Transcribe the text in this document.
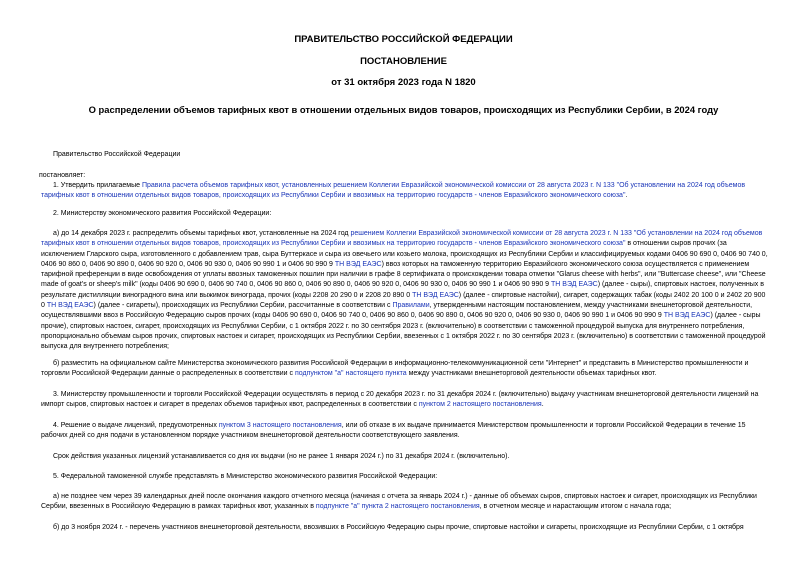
ПРАВИТЕЛЬСТВО РОССИЙСКОЙ ФЕДЕРАЦИИ
ПОСТАНОВЛЕНИЕ
от 31 октября 2023 года N 1820
О распределении объемов тарифных квот в отношении отдельных видов товаров, происходящих из Республики Сербии, в 2024 году

Правительство Российской Федерации

постановляет:

1. Утвердить прилагаемые Правила расчета объемов тарифных квот, установленных решением Коллегии Евразийской экономической комиссии от 28 августа 2023 г. N 133 "Об установлении на 2024 год объемов тарифных квот в отношении отдельных видов товаров, происходящих из Республики Сербии и ввозимых на территорию государств - членов Евразийского экономического союза".

2. Министерству экономического развития Российской Федерации:

а) до 14 декабря 2023 г. распределить объемы тарифных квот, установленные на 2024 год решением Коллегии Евразийской экономической комиссии от 28 августа 2023 г. N 133 "Об установлении на 2024 год объемов тарифных квот в отношении отдельных видов товаров, происходящих из Республики Сербии и ввозимых на территорию государств - членов Евразийского экономического союза" в отношении сыров прочих (за исключением Гларского сыра, изготовленного с добавлением трав, сыра Буттеркасе и сыра из овечьего или козьего молока, происходящих из Республики Сербии и классифицируемых кодами 0406 90 690 0, 0406 90 740 0, 0406 90 860 0, 0406 90 890 0, 0406 90 920 0, 0406 90 930 0, 0406 90 990 1 и 0406 90 990 9 ТН ВЭД ЕАЭС) ввоз которых на таможенную территорию Евразийского экономического союза осуществляется с применением тарифной преференции в виде освобождения от уплаты ввозных таможенных пошлин при наличии в графе 8 сертификата о происхождении товара отметки "Glarus cheese with herbs", или "Buttercase cheese", или "Cheese made of goat's or sheep's milk" (коды 0406 90 690 0, 0406 90 740 0, 0406 90 860 0, 0406 90 890 0, 0406 90 920 0, 0406 90 930 0, 0406 90 990 1 и 0406 90 990 9 ТН ВЭД ЕАЭС) (далее - сыры), спиртовых настоек, полученных в результате дистилляции виноградного вина или выжимок винограда, прочих (коды 2208 20 290 0 и 2208 20 890 0 ТН ВЭД ЕАЭС) (далее - спиртовые настойки), сигарет, содержащих табак (коды 2402 20 100 0 и 2402 20 900 0 ТН ВЭД ЕАЭС) (далее - сигареты), происходящих из Республики Сербии, рассчитанные в соответствии с Правилами, утвержденными настоящим постановлением, между участниками внешнеторговой деятельности, осуществлявшими ввоз в Российскую Федерацию сыров прочих (коды 0406 90 690 0, 0406 90 740 0, 0406 90 860 0, 0406 90 890 0, 0406 90 920 0, 0406 90 930 0, 0406 90 990 1 и 0406 90 990 9 ТН ВЭД ЕАЭС) (далее - сыры прочие), спиртовых настоек, сигарет, происходящих из Республики Сербии, с 1 октября 2022 г. по 30 сентября 2023 г. (включительно) в соответствии с таможенной процедурой выпуска для внутреннего потребления, пропорционально объемам сыров прочих, спиртовых настоек и сигарет, происходящих из Республики Сербии, ввезенных с 1 октября 2022 г. по 30 сентября 2023 г. (включительно) в соответствии с таможенной процедурой выпуска для внутреннего потребления;

б) разместить на официальном сайте Министерства экономического развития Российской Федерации в информационно-телекоммуникационной сети "Интернет" и представить в Министерство промышленности и торговли Российской Федерации данные о распределенных в соответствии с подпунктом "а" настоящего пункта между участниками внешнеторговой деятельности объемах тарифных квот.

3. Министерству промышленности и торговли Российской Федерации осуществлять в период с 20 декабря 2023 г. по 31 декабря 2024 г. (включительно) выдачу участникам внешнеторговой деятельности лицензий на импорт сыров, спиртовых настоек и сигарет в пределах объемов тарифных квот, распределенных в соответствии с пунктом 2 настоящего постановления.

4. Решение о выдаче лицензий, предусмотренных пунктом 3 настоящего постановления, или об отказе в их выдаче принимается Министерством промышленности и торговли Российской Федерации в течение 15 рабочих дней со дня подачи в установленном порядке участником внешнеторговой деятельности соответствующего заявления.

Срок действия указанных лицензий устанавливается со дня их выдачи (но не ранее 1 января 2024 г.) по 31 декабря 2024 г. (включительно).

5. Федеральной таможенной службе представлять в Министерство экономического развития Российской Федерации:

а) не позднее чем через 39 календарных дней после окончания каждого отчетного месяца (начиная с отчета за январь 2024 г.) - данные об объемах сыров, спиртовых настоек и сигарет, происходящих из Республики Сербии, ввезенных в Российскую Федерацию в рамках тарифных квот, указанных в подпункте "а" пункта 2 настоящего постановления, в отчетном месяце и нарастающим итогом с начала года;

б) до 3 ноября 2024 г. - перечень участников внешнеторговой деятельности, ввозивших в Российскую Федерацию сыры прочие, спиртовые настойки и сигареты, происходящие из Республики Сербии, с 1 октября
